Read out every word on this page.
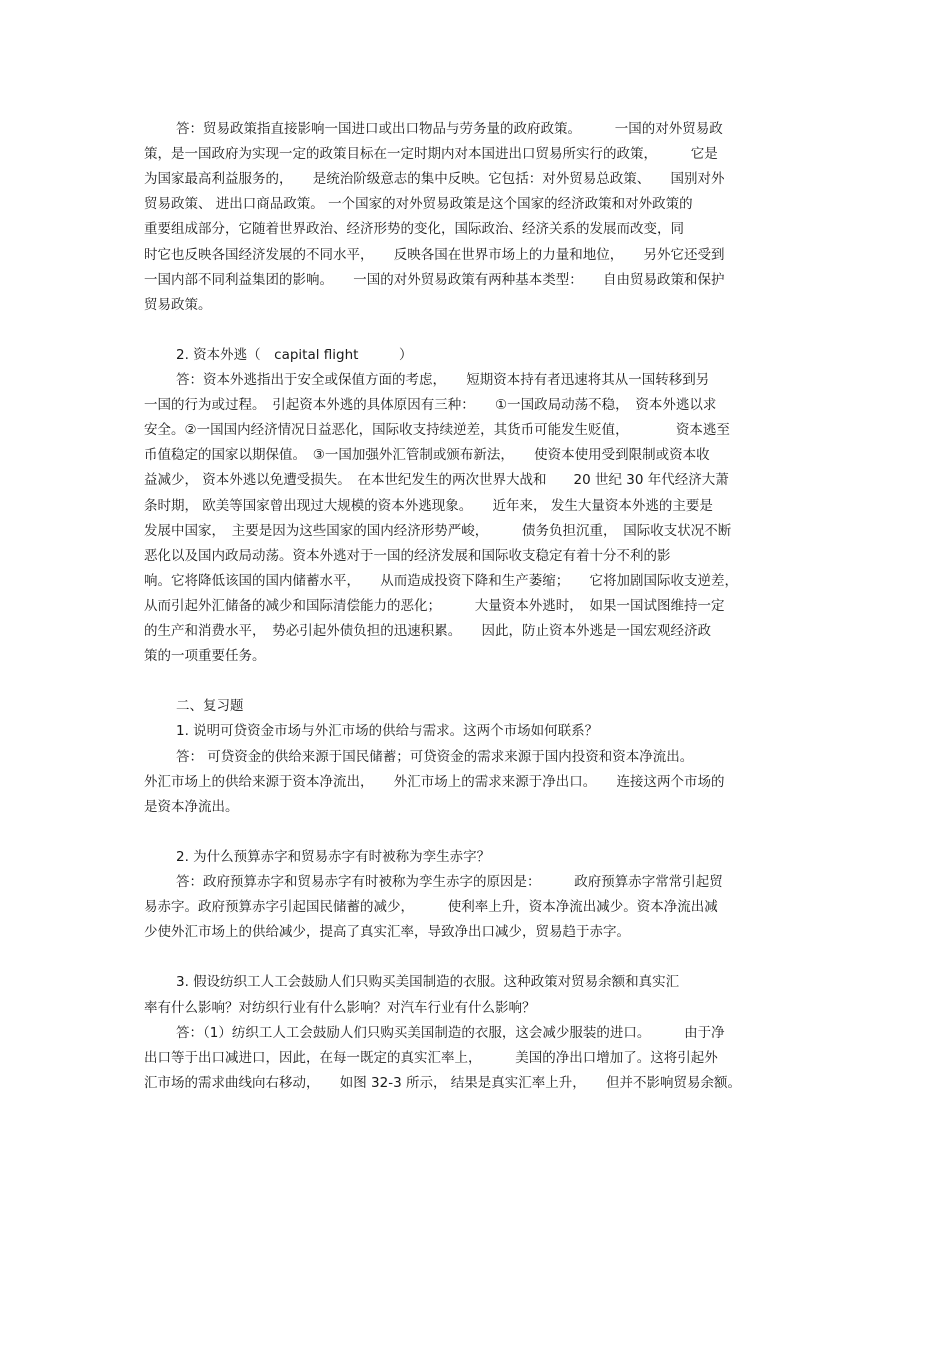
答：贸易政策指直接影响一国进口或出口物品与劳务量的政府政策。　　　一国的对外贸易政
策，是一国政府为实现一定的政策目标在一定时期内对本国进出口贸易所实行的政策，　　　它是
为国家最高利益服务的，　　是统治阶级意志的集中反映。它包括：对外贸易总政策、　　国别对外
贸易政策、 进出口商品政策。 一个国家的对外贸易政策是这个国家的经济政策和对外政策的
重要组成部分，它随着世界政治、经济形势的变化，国际政治、经济关系的发展而改变，同
时它也反映各国经济发展的不同水平，　　反映各国在世界市场上的力量和地位，　　另外它还受到
一国内部不同利益集团的影响。　　一国的对外贸易政策有两种基本类型：　　自由贸易政策和保护
贸易政策。
2. 资本外逃（　capital flight　　　）
答：资本外逃指出于安全或保值方面的考虑，　　短期资本持有者迅速将其从一国转移到另
一国的行为或过程。　引起资本外逃的具体原因有三种：　　①一国政局动荡不稳，　资本外逃以求
安全。②一国国内经济情况日益恶化，国际收支持续逆差，其货币可能发生贬值，　　　　资本逃至
币值稳定的国家以期保值。　③一国加强外汇管制或颁布新法，　　使资本使用受到限制或资本收
益减少， 资本外逃以免遭受损失。　在本世纪发生的两次世界大战和　　20 世纪 30 年代经济大萧
条时期， 欧美等国家曾出现过大规模的资本外逃现象。　　近年来， 发生大量资本外逃的主要是
发展中国家，　主要是因为这些国家的国内经济形势严峻，　　　债务负担沉重，　国际收支状况不断
恶化以及国内政局动荡。资本外逃对于一国的经济发展和国际收支稳定有着十分不利的影
响。它将降低该国的国内储蓄水平，　　从而造成投资下降和生产萎缩；　　它将加剧国际收支逆差，
从而引起外汇储备的减少和国际清偿能力的恶化；　　　大量资本外逃时，　如果一国试图维持一定
的生产和消费水平，　势必引起外债负担的迅速积累。　　因此，防止资本外逃是一国宏观经济政
策的一项重要任务。
二、复习题
1. 说明可贷资金市场与外汇市场的供给与需求。这两个市场如何联系？
答： 可贷资金的供给来源于国民储蓄；可贷资金的需求来源于国内投资和资本净流出。
外汇市场上的供给来源于资本净流出，　　外汇市场上的需求来源于净出口。　　连接这两个市场的
是资本净流出。
2. 为什么预算赤字和贸易赤字有时被称为孪生赤字？
答：政府预算赤字和贸易赤字有时被称为孪生赤字的原因是：　　　政府预算赤字常常引起贸
易赤字。政府预算赤字引起国民储蓄的减少，　　　使利率上升，资本净流出减少。资本净流出减
少使外汇市场上的供给减少，提高了真实汇率，导致净出口减少，贸易趋于赤字。
3. 假设纺织工人工会鼓励人们只购买美国制造的衣服。这种政策对贸易余额和真实汇
率有什么影响？对纺织行业有什么影响？对汽车行业有什么影响？
答：（1）纺织工人工会鼓励人们只购买美国制造的衣服，这会减少服装的进口。　　　由于净
出口等于出口减进口，因此，在每一既定的真实汇率上，　　　美国的净出口增加了。这将引起外
汇市场的需求曲线向右移动，　　如图 32-3 所示， 结果是真实汇率上升，　　但并不影响贸易余额。
